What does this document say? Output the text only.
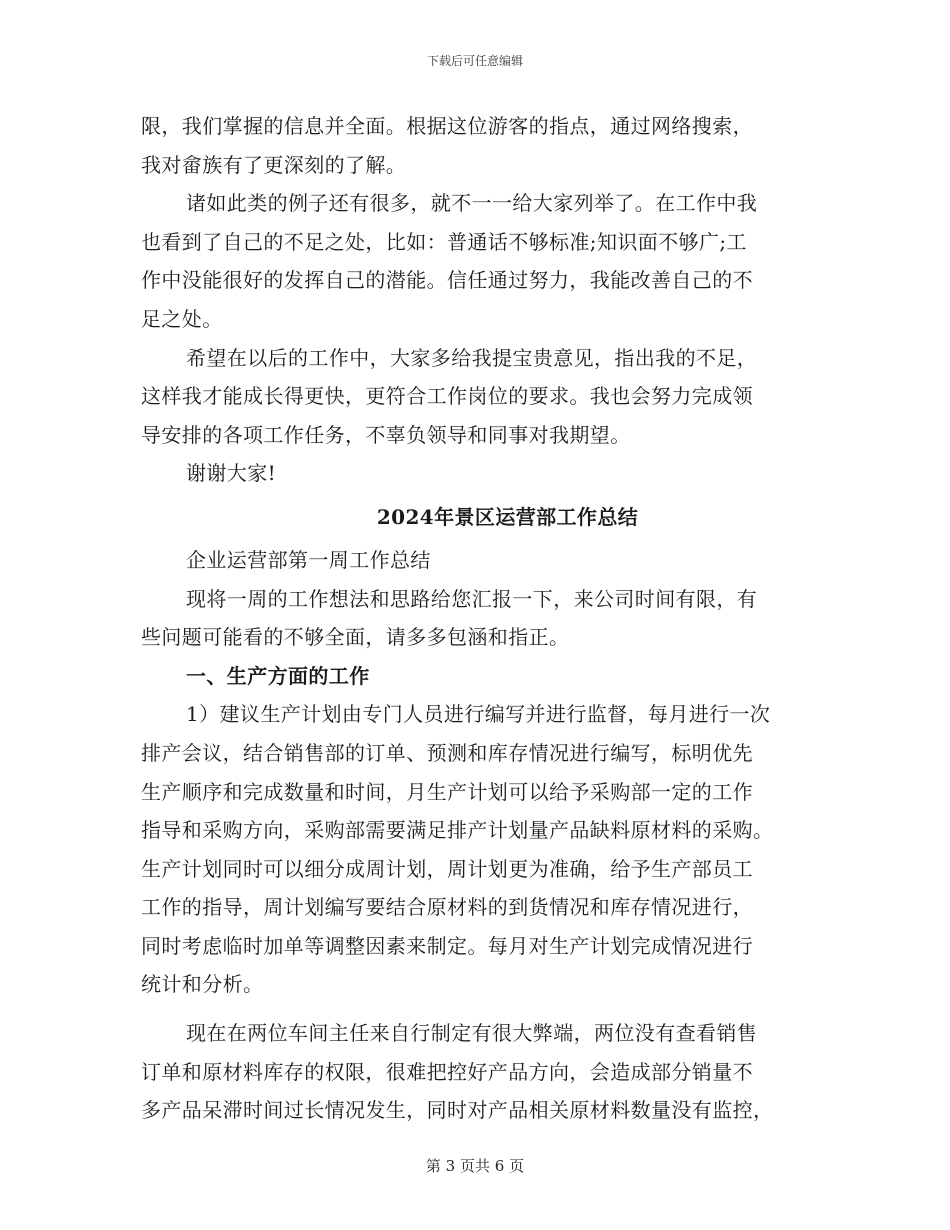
下载后可任意编辑
限，我们掌握的信息并全面。根据这位游客的指点，通过网络搜索，
我对畲族有了更深刻的了解。
诸如此类的例子还有很多，就不一一给大家列举了。在工作中我
也看到了自己的不足之处，比如：普通话不够标准;知识面不够广;工
作中没能很好的发挥自己的潜能。信任通过努力，我能改善自己的不
足之处。
希望在以后的工作中，大家多给我提宝贵意见，指出我的不足，
这样我才能成长得更快，更符合工作岗位的要求。我也会努力完成领
导安排的各项工作任务，不辜负领导和同事对我期望。
谢谢大家!
2024年景区运营部工作总结
企业运营部第一周工作总结
现将一周的工作想法和思路给您汇报一下，来公司时间有限，有
些问题可能看的不够全面，请多多包涵和指正。
一、生产方面的工作
1）建议生产计划由专门人员进行编写并进行监督，每月进行一次
排产会议，结合销售部的订单、预测和库存情况进行编写，标明优先
生产顺序和完成数量和时间，月生产计划可以给予采购部一定的工作
指导和采购方向，采购部需要满足排产计划量产品缺料原材料的采购。
生产计划同时可以细分成周计划，周计划更为准确，给予生产部员工
工作的指导，周计划编写要结合原材料的到货情况和库存情况进行，
同时考虑临时加单等调整因素来制定。每月对生产计划完成情况进行
统计和分析。
现在在两位车间主任来自行制定有很大弊端，两位没有查看销售
订单和原材料库存的权限，很难把控好产品方向，会造成部分销量不
多产品呆滞时间过长情况发生，同时对产品相关原材料数量没有监控，
第 3 页共 6 页
